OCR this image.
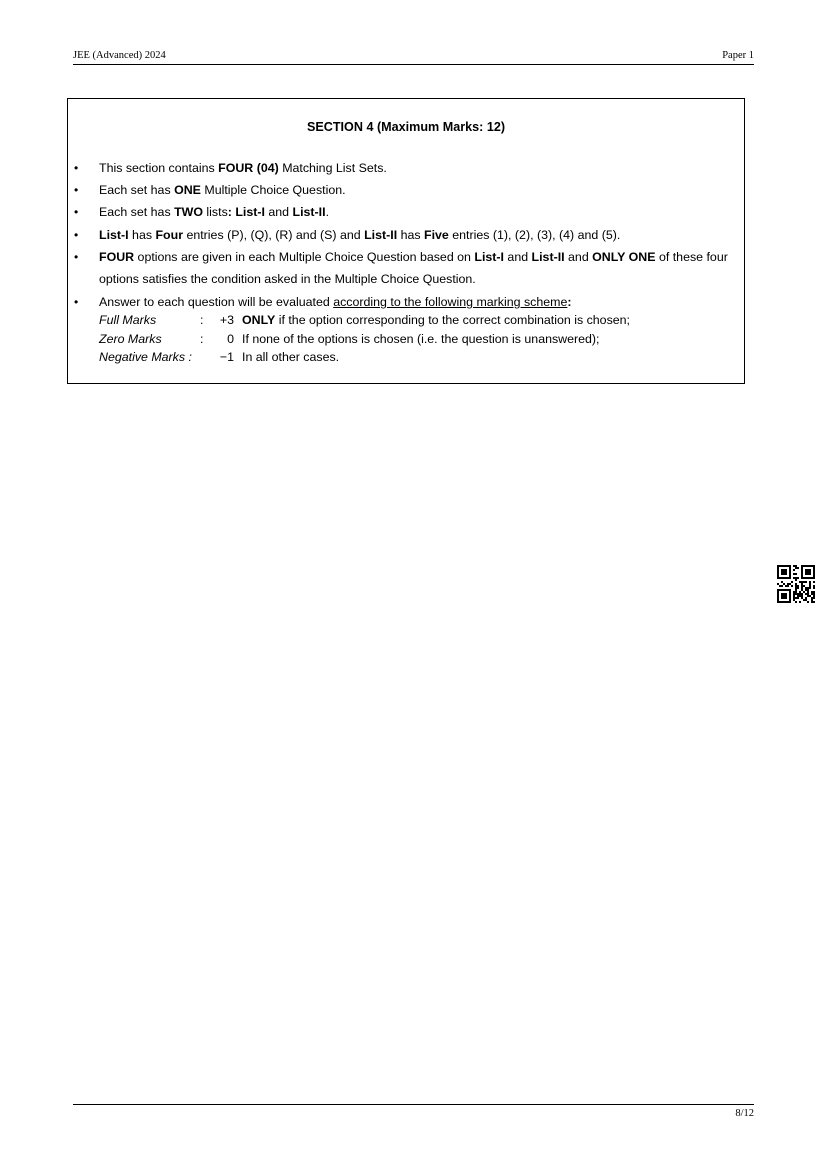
JEE (Advanced) 2024	Paper 1
SECTION 4 (Maximum Marks: 12)
• This section contains FOUR (04) Matching List Sets.
• Each set has ONE Multiple Choice Question.
• Each set has TWO lists: List-I and List-II.
• List-I has Four entries (P), (Q), (R) and (S) and List-II has Five entries (1), (2), (3), (4) and (5).
• FOUR options are given in each Multiple Choice Question based on List-I and List-II and ONLY ONE of these four options satisfies the condition asked in the Multiple Choice Question.
• Answer to each question will be evaluated according to the following marking scheme:
Full Marks	:	+3 ONLY if the option corresponding to the correct combination is chosen;
Zero Marks	:	0 If none of the options is chosen (i.e. the question is unanswered);
Negative Marks :	−1 In all other cases.
8/12
